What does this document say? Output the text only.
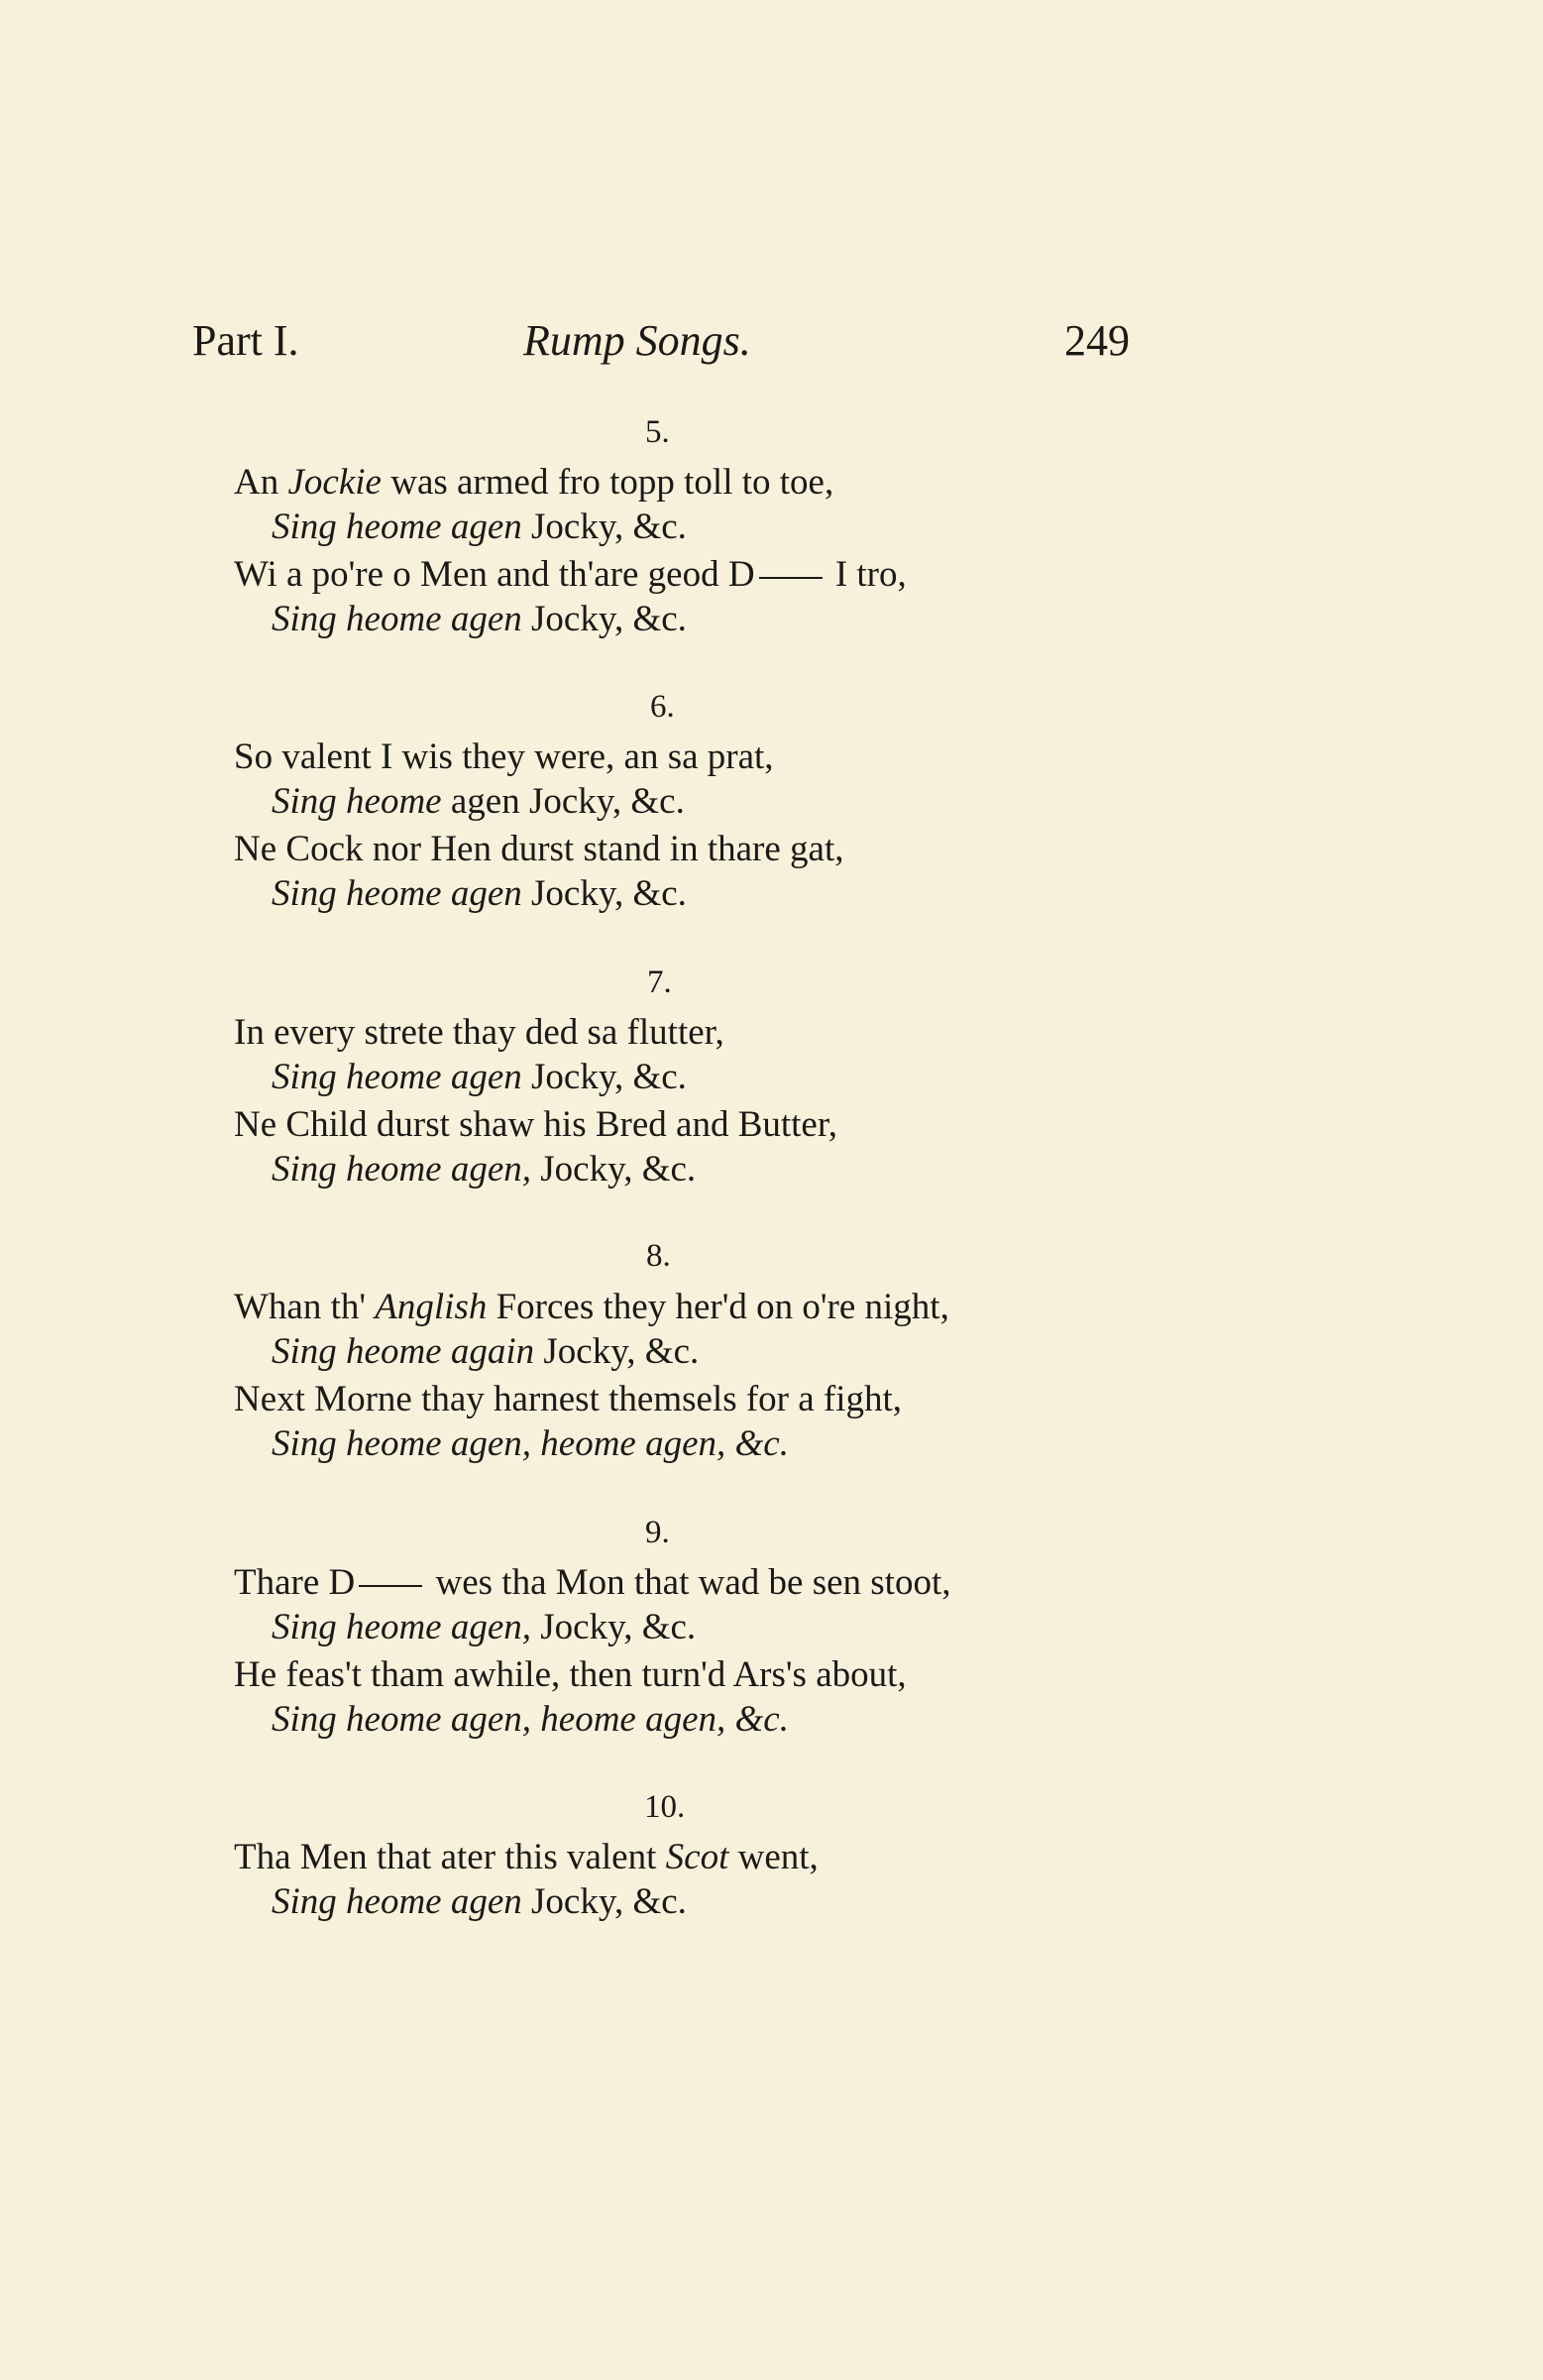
Part I.	Rump Songs.	249
5.
An Jockie was armed fro topp toll to toe,
Sing heome agen Jocky, &c.
Wi a po're o Men and th'are geod D I tro,
Sing heome agen Jocky, &c.
6.
So valent I wis they were, an sa prat,
Sing heome agen Jocky, &c.
Ne Cock nor Hen durst stand in thare gat,
Sing heome agen Jocky, &c.
7.
In every strete thay ded sa flutter,
Sing heome agen Jocky, &c.
Ne Child durst shaw his Bred and Butter,
Sing heome agen, Jocky, &c.
8.
Whan th' Anglish Forces they her'd on o're night,
Sing heome again Jocky, &c.
Next Morne thay harnest themsels for a fight,
Sing heome agen, heome agen, &c.
9.
Thare D wes tha Mon that wad be sen stoot,
Sing heome agen, Jocky, &c.
He feas't tham awhile, then turn'd Ars's about,
Sing heome agen, heome agen, &c.
10.
Tha Men that ater this valent Scot went,
Sing heome agen Jocky, &c.
